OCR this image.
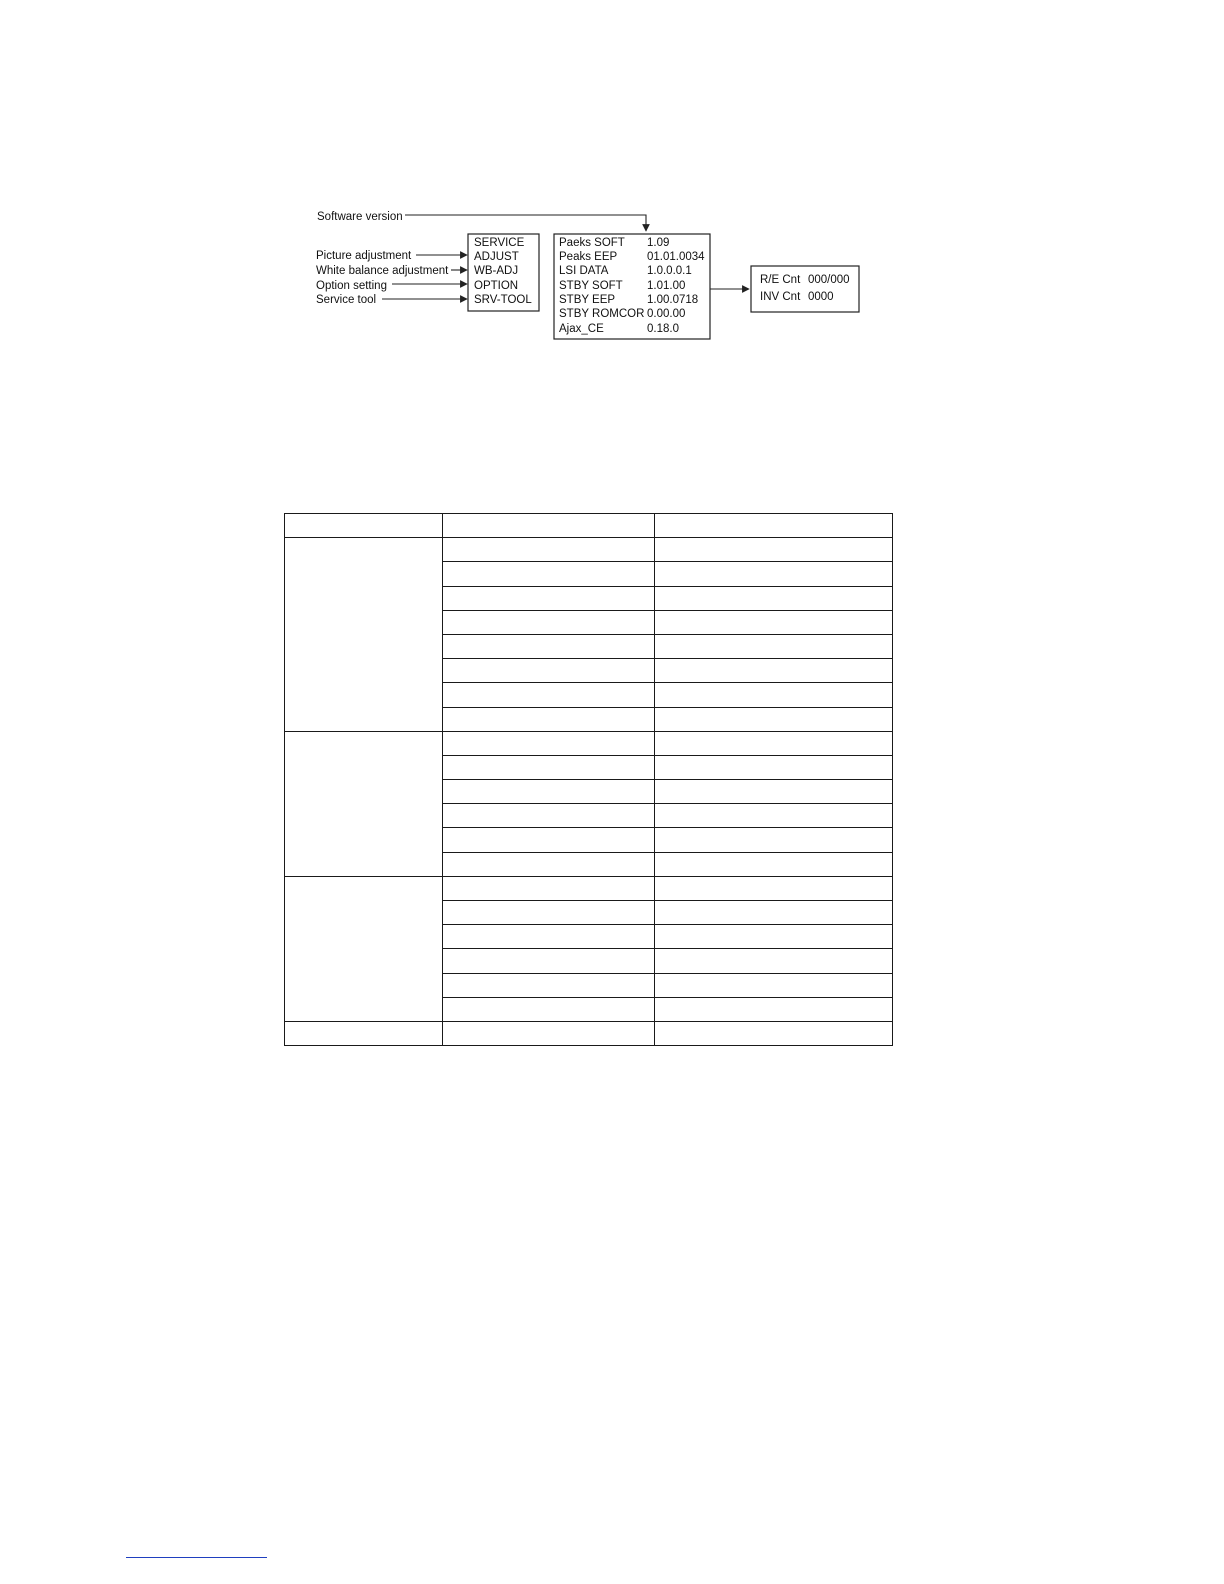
Software version
Picture adjustment
White balance adjustment
Option setting
Service tool
SERVICE
ADJUST
WB-ADJ
OPTION
SRV-TOOL
Paeks SOFT 1.09
Peaks EEP	01.01.0034
LSI DATA	1.0.0.0.1
STBY SOFT 1.01.00
STBY EEP	1.00.0718
STBY ROMCOR 0.00.00
Ajax_CE	0.18.0
R/E Cnt 000/000
INV Cnt 0000
